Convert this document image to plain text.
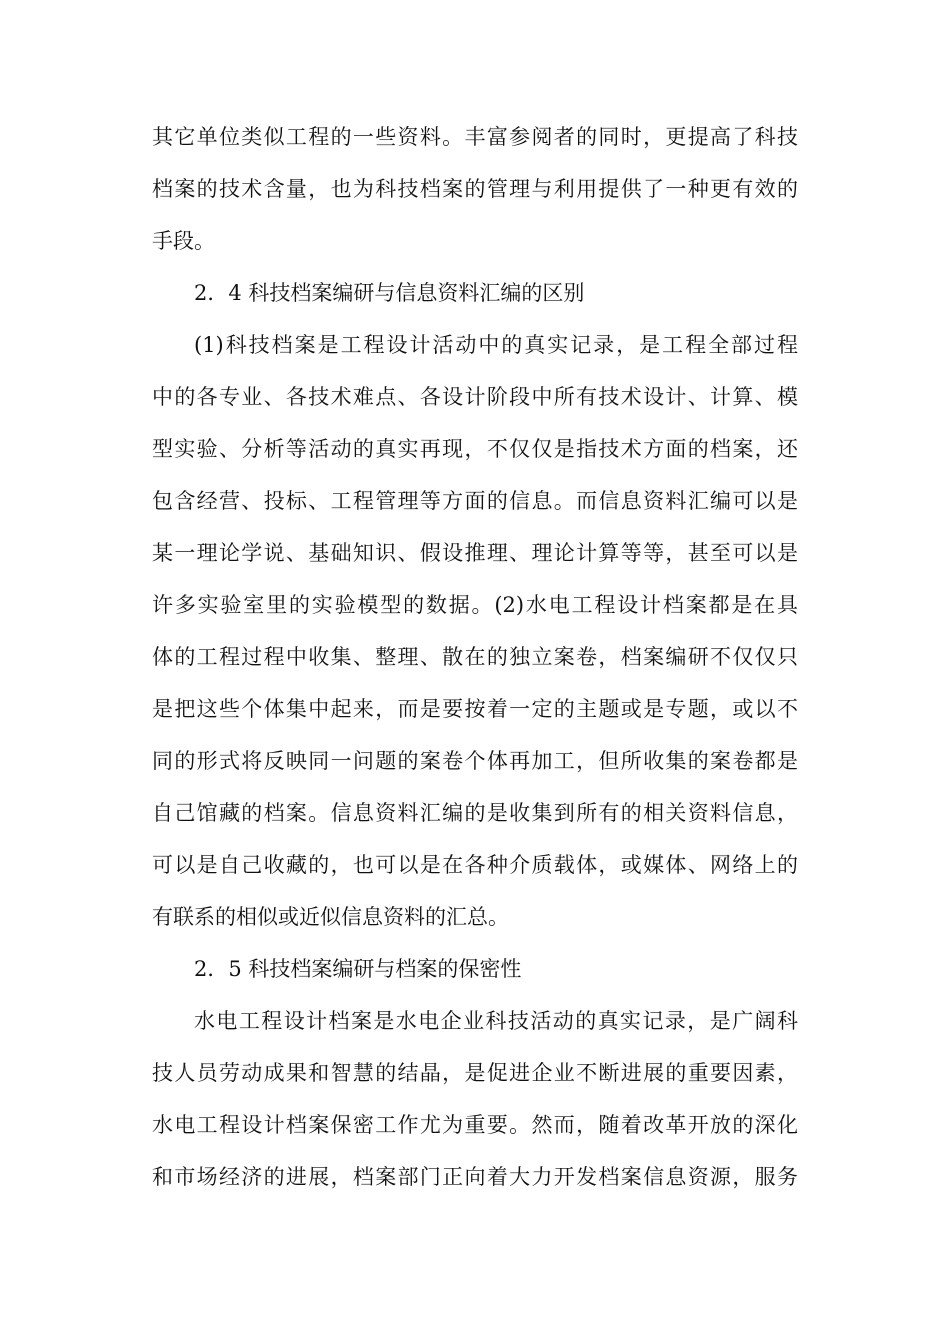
其它单位类似工程的一些资料。丰富参阅者的同时，更提高了科技
档案的技术含量，也为科技档案的管理与利用提供了一种更有效的
手段。
2．4 科技档案编研与信息资料汇编的区别
(1)科技档案是工程设计活动中的真实记录，是工程全部过程
中的各专业、各技术难点、各设计阶段中所有技术设计、计算、模
型实验、分析等活动的真实再现，不仅仅是指技术方面的档案，还
包含经营、投标、工程管理等方面的信息。而信息资料汇编可以是
某一理论学说、基础知识、假设推理、理论计算等等，甚至可以是
许多实验室里的实验模型的数据。(2)水电工程设计档案都是在具
体的工程过程中收集、整理、散在的独立案卷，档案编研不仅仅只
是把这些个体集中起来，而是要按着一定的主题或是专题，或以不
同的形式将反映同一问题的案卷个体再加工，但所收集的案卷都是
自己馆藏的档案。信息资料汇编的是收集到所有的相关资料信息，
可以是自己收藏的，也可以是在各种介质载体，或媒体、网络上的
有联系的相似或近似信息资料的汇总。
2．5 科技档案编研与档案的保密性
水电工程设计档案是水电企业科技活动的真实记录，是广阔科
技人员劳动成果和智慧的结晶，是促进企业不断进展的重要因素，
水电工程设计档案保密工作尤为重要。然而，随着改革开放的深化
和市场经济的进展，档案部门正向着大力开发档案信息资源，服务
